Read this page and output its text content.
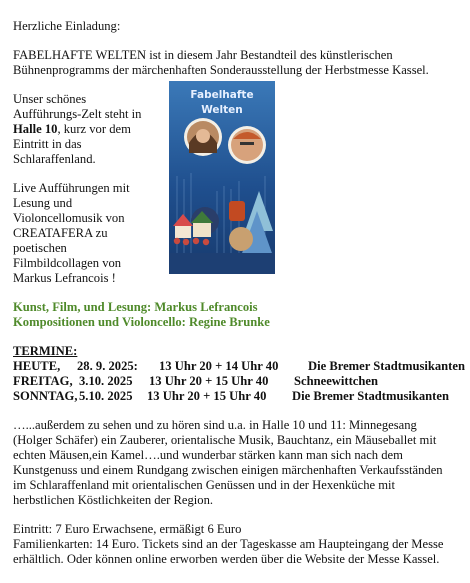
Herzliche Einladung:
FABELHAFTE WELTEN ist in diesem Jahr Bestandteil des künstlerischen
Bühnenprogramms der märchenhaften Sonderausstellung der Herbstmesse Kassel.
Unser schönes
Aufführungs-Zelt steht in
Halle 10, kurz vor dem
Eintritt in das
Schlaraffenland.
Live Aufführungen mit
Lesung und
Violoncellomusik von
CREATAFERA zu
poetischen
Filmbildcollagen von
Markus Lefrancois !
Fabelhafte Welten
Kunst, Film, und Lesung: Markus Lefrancois
Kompositionen und Violoncello: Regine Brunke
TERMINE:
HEUTE, 28. 9. 2025: 13 Uhr 20 + 14 Uhr 40 Die Bremer Stadtmusikanten
FREITAG, 3.10. 2025 13 Uhr 20 + 15 Uhr 40 Schneewittchen
SONNTAG, 5.10. 2025 13 Uhr 20 + 15 Uhr 40 Die Bremer Stadtmusikanten
…...außerdem zu sehen und zu hören sind u.a. in Halle 10 und 11: Minnegesang
(Holger Schäfer) ein Zauberer, orientalische Musik, Bauchtanz, ein Mäuseballet mit
echten Mäusen,ein Kamel….und wunderbar stärken kann man sich nach dem
Kunstgenuss und einem Rundgang zwischen einigen märchenhaften Verkaufsständen
im Schlaraffenland mit orientalischen Genüssen und in der Hexenküche mit
herbstlichen Köstlichkeiten der Region.
Eintritt: 7 Euro Erwachsene, ermäßigt 6 Euro
Familienkarten: 14 Euro. Tickets sind an der Tageskasse am Haupteingang der Messe
erhältlich. Oder können online erworben werden über die Website der Messe Kassel.
